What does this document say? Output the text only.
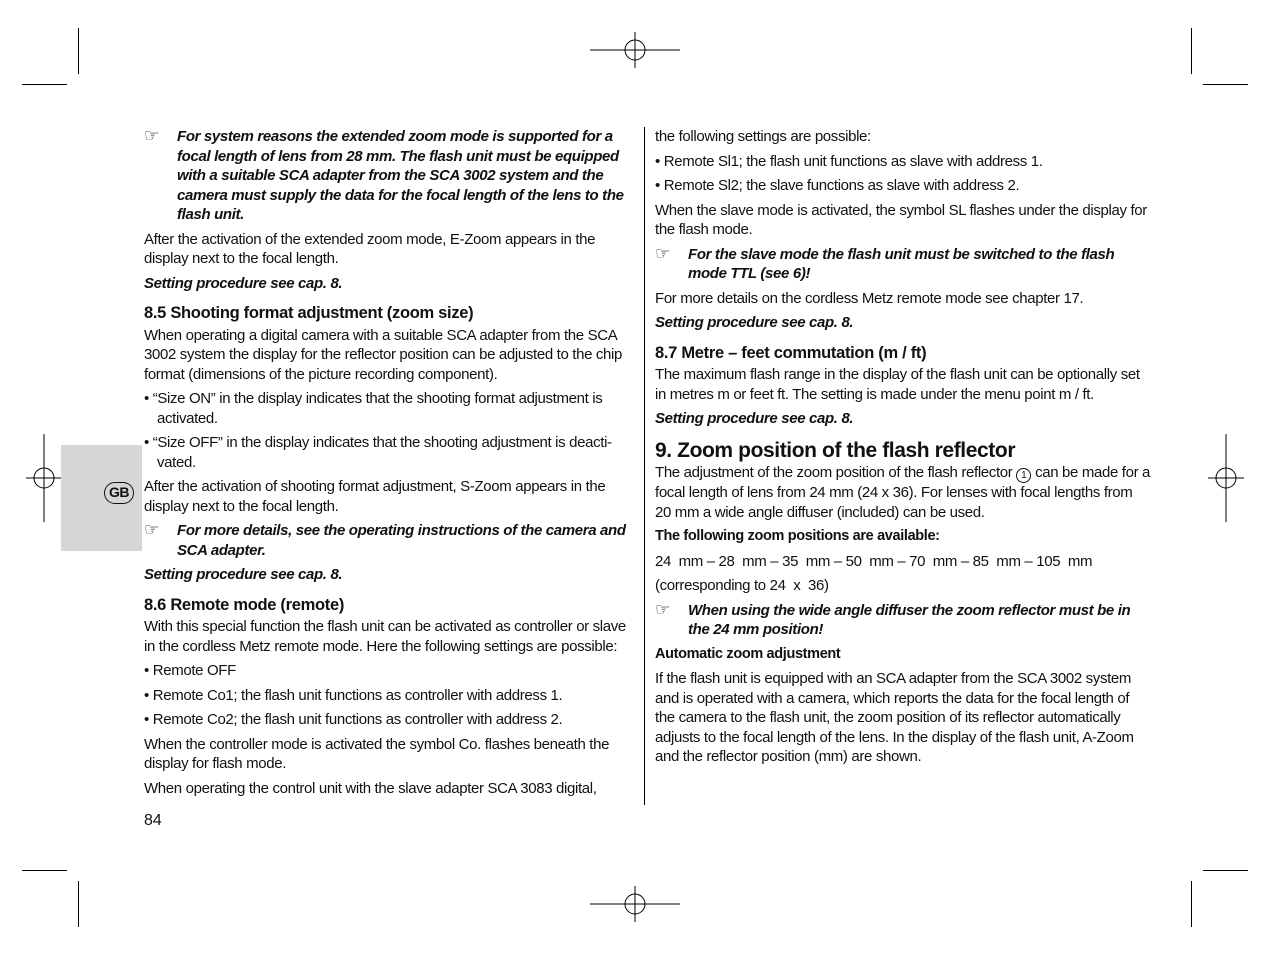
GB
☞ For system reasons the extended zoom mode is supported for a focal length of lens from 28 mm. The flash unit must be equipped with a suitable SCA adapter from the SCA 3002 system and the camera must supply the data for the focal length of the lens to the flash unit.

After the activation of the extended zoom mode, E-Zoom appears in the display next to the focal length.

Setting procedure see cap. 8.

8.5 Shooting format adjustment (zoom size)

When operating a digital camera with a suitable SCA adapter from the SCA 3002 system the display for the reflector position can be adjusted to the chip format (dimensions of the picture recording component).

• “Size ON” in the display indicates that the shooting format adjustment is activated.

• “Size OFF” in the display indicates that the shooting adjustment is deacti-vated.

After the activation of shooting format adjustment, S-Zoom appears in the display next to the focal length.

☞ For more details, see the operating instructions of the camera and SCA adapter.

Setting procedure see cap. 8.

8.6 Remote mode (remote)

With this special function the flash unit can be activated as controller or slave in the cordless Metz remote mode. Here the following settings are possible:

• Remote OFF

• Remote Co1; the flash unit functions as controller with address 1.

• Remote Co2; the flash unit functions as controller with address 2.

When the controller mode is activated the symbol Co. flashes beneath the display for flash mode.

When operating the control unit with the slave adapter SCA 3083 digital,

the following settings are possible:

• Remote Sl1; the flash unit functions as slave with address 1.

• Remote Sl2; the slave functions as slave with address 2.

When the slave mode is activated, the symbol SL flashes under the display for the flash mode.

☞ For the slave mode the flash unit must be switched to the flash mode TTL (see 6)!

For more details on the cordless Metz remote mode see chapter 17.

Setting procedure see cap. 8.

8.7 Metre – feet commutation (m / ft)

The maximum flash range in the display of the flash unit can be optionally set in metres m or feet ft. The setting is made under the menu point m / ft.

Setting procedure see cap. 8.

9. Zoom position of the flash reflector

The adjustment of the zoom position of the flash reflector 1 can be made for a focal length of lens from 24 mm (24 x 36). For lenses with focal lengths from 20 mm a wide angle diffuser (included) can be used.

The following zoom positions are available:

24  mm – 28  mm – 35  mm – 50  mm – 70  mm – 85  mm – 105  mm

(corresponding to 24  x  36)

☞ When using the wide angle diffuser the zoom reflector must be in the 24 mm position!

Automatic zoom adjustment

If the flash unit is equipped with an SCA adapter from the SCA 3002 system and is operated with a camera, which reports the data for the focal length of the camera to the flash unit, the zoom position of its reflector automatically adjusts to the focal length of the lens. In the display of the flash unit, A-Zoom and the reflector position (mm) are shown.

84
